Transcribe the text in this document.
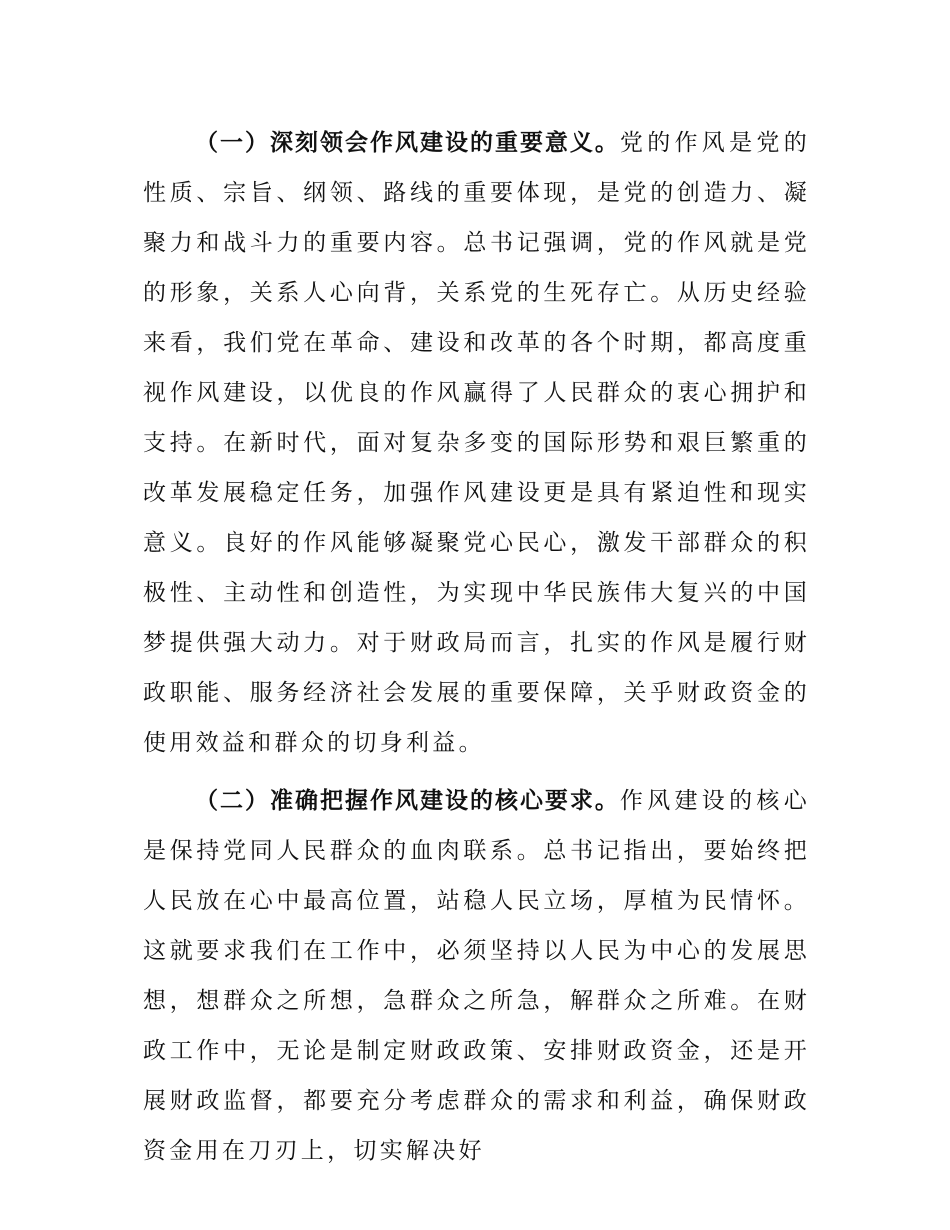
（一）深刻领会作风建设的重要意义。党的作风是党的性质、宗旨、纲领、路线的重要体现，是党的创造力、凝聚力和战斗力的重要内容。总书记强调，党的作风就是党的形象，关系人心向背，关系党的生死存亡。从历史经验来看，我们党在革命、建设和改革的各个时期，都高度重视作风建设，以优良的作风赢得了人民群众的衷心拥护和支持。在新时代，面对复杂多变的国际形势和艰巨繁重的改革发展稳定任务，加强作风建设更是具有紧迫性和现实意义。良好的作风能够凝聚党心民心，激发干部群众的积极性、主动性和创造性，为实现中华民族伟大复兴的中国梦提供强大动力。对于财政局而言，扎实的作风是履行财政职能、服务经济社会发展的重要保障，关乎财政资金的使用效益和群众的切身利益。

（二）准确把握作风建设的核心要求。作风建设的核心是保持党同人民群众的血肉联系。总书记指出，要始终把人民放在心中最高位置，站稳人民立场，厚植为民情怀。这就要求我们在工作中，必须坚持以人民为中心的发展思想，想群众之所想，急群众之所急，解群众之所难。在财政工作中，无论是制定财政政策、安排财政资金，还是开展财政监督，都要充分考虑群众的需求和利益，确保财政资金用在刀刃上，切实解决好
